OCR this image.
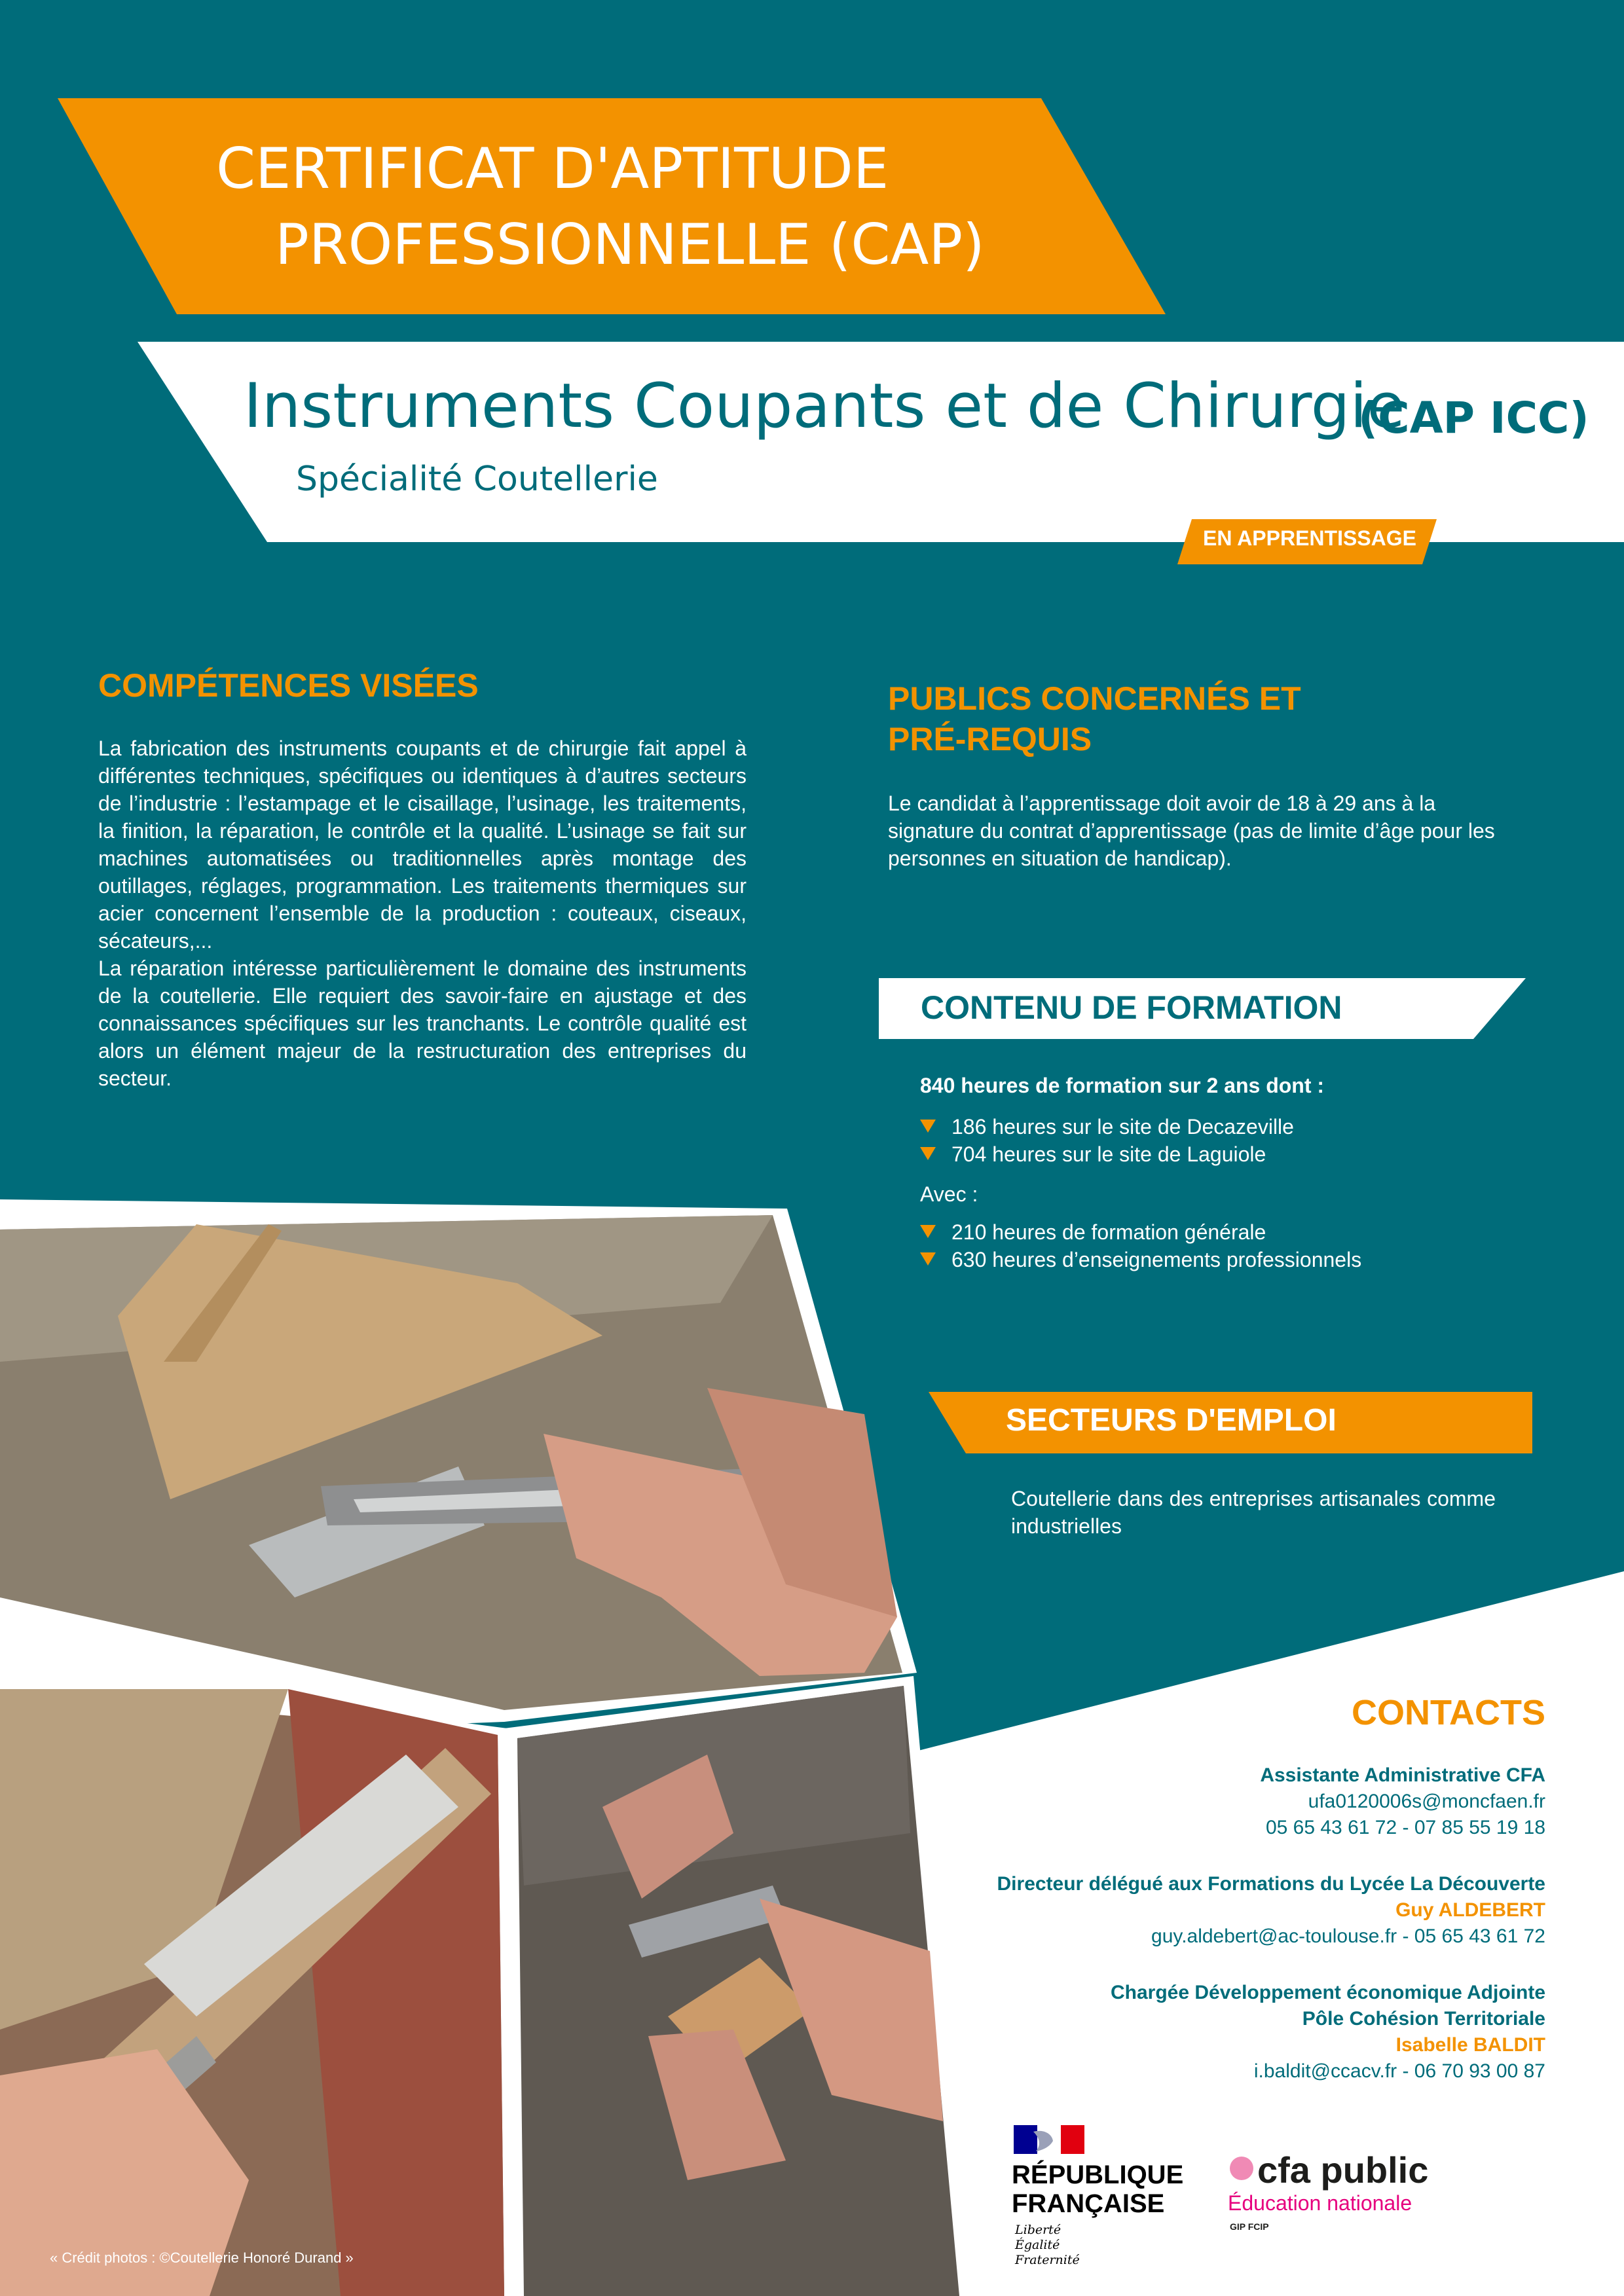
CERTIFICAT D'APTITUDE
PROFESSIONNELLE (CAP)
Instruments Coupants et de Chirurgie
(CAP ICC)
Spécialité Coutellerie
EN APPRENTISSAGE
COMPÉTENCES VISÉES
La fabrication des instruments coupants et de chirurgie fait appel à différentes techniques, spécifiques ou identiques à d’autres secteurs de l’industrie : l’estampage et le cisaillage, l’usinage, les traitements, la finition, la réparation, le contrôle et la qualité. L’usinage se fait sur machines automatisées ou traditionnelles après montage des outillages, réglages, programmation. Les traitements thermiques sur acier concernent l’ensemble de la production : couteaux, ciseaux, sécateurs,...
La réparation intéresse particulièrement le domaine des instruments de la coutellerie. Elle requiert des savoir-faire en ajustage et des connaissances spécifiques sur les tranchants. Le contrôle qualité est alors un élément majeur de la restructuration des entreprises du secteur.
PUBLICS CONCERNÉS ET
PRÉ-REQUIS
Le candidat à l’apprentissage doit avoir de 18 à 29 ans à la signature du contrat d’apprentissage (pas de limite d’âge pour les personnes en situation de handicap).
CONTENU DE FORMATION
840 heures de formation sur 2 ans dont :
186 heures sur le site de Decazeville
704 heures sur le site de Laguiole
Avec :
210 heures de formation générale
630 heures d’enseignements professionnels
SECTEURS D'EMPLOI
Coutellerie dans des entreprises artisanales comme industrielles
CONTACTS
Assistante Administrative CFA
ufa0120006s@moncfaen.fr
05 65 43 61 72 - 07 85 55 19 18
Directeur délégué aux Formations du Lycée La Découverte
Guy ALDEBERT
guy.aldebert@ac-toulouse.fr - 05 65 43 61 72
Chargée Développement économique Adjointe
Pôle Cohésion Territoriale
Isabelle BALDIT
i.baldit@ccacv.fr - 06 70 93 00 87
« Crédit photos : ©Coutellerie Honoré Durand »
RÉPUBLIQUE
FRANÇAISE
Liberté
Égalité
Fraternité
cfa public
Éducation nationale
GIP FCIP
